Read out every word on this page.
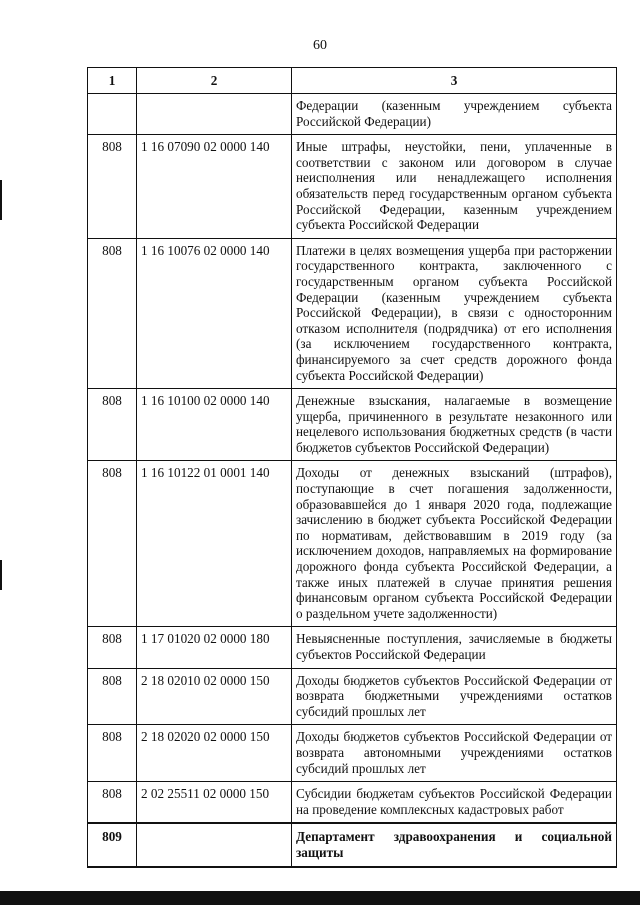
60
1	2	3
		Федерации (казенным учреждением субъекта Российской Федерации)
808	1 16 07090 02 0000 140	Иные штрафы, неустойки, пени, уплаченные в соответствии с законом или договором в случае неисполнения или ненадлежащего исполнения обязательств перед государственным органом субъекта Российской Федерации, казенным учреждением субъекта Российской Федерации
808	1 16 10076 02 0000 140	Платежи в целях возмещения ущерба при расторжении государственного контракта, заключенного с государственным органом субъекта Российской Федерации (казенным учреждением субъекта Российской Федерации), в связи с односторонним отказом исполнителя (подрядчика) от его исполнения (за исключением государственного контракта, финансируемого за счет средств дорожного фонда субъекта Российской Федерации)
808	1 16 10100 02 0000 140	Денежные взыскания, налагаемые в возмещение ущерба, причиненного в результате незаконного или нецелевого использования бюджетных средств (в части бюджетов субъектов Российской Федерации)
808	1 16 10122 01 0001 140	Доходы от денежных взысканий (штрафов), поступающие в счет погашения задолженности, образовавшейся до 1 января 2020 года, подлежащие зачислению в бюджет субъекта Российской Федерации по нормативам, действовавшим в 2019 году (за исключением доходов, направляемых на формирование дорожного фонда субъекта Российской Федерации, а также иных платежей в случае принятия решения финансовым органом субъекта Российской Федерации о раздельном учете задолженности)
808	1 17 01020 02 0000 180	Невыясненные поступления, зачисляемые в бюджеты субъектов Российской Федерации
808	2 18 02010 02 0000 150	Доходы бюджетов субъектов Российской Федерации от возврата бюджетными учреждениями остатков субсидий прошлых лет
808	2 18 02020 02 0000 150	Доходы бюджетов субъектов Российской Федерации от возврата автономными учреждениями остатков субсидий прошлых лет
808	2 02 25511 02 0000 150	Субсидии бюджетам субъектов Российской Федерации на проведение комплексных кадастровых работ
809		Департамент здравоохранения и социальной защиты
